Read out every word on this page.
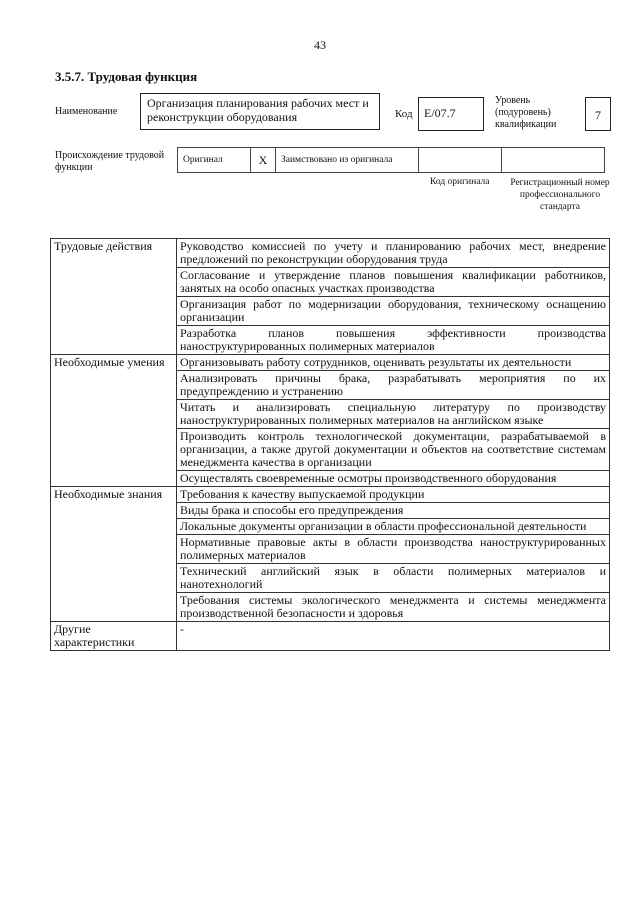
43
3.5.7. Трудовая функция
Наименование
Организация планирования рабочих мест и реконструкции оборудования	Код E/07.7
Уровень (подуровень) квалификации
7
Происхождение трудовой функции
Оригинал	X	Заимствовано из оригинала		
Код оригинала Регистрационный номер профессионального стандарта
Трудовые действия	Руководство комиссией по учету и планированию рабочих мест, внедрение предложений по реконструкции оборудования труда
	Согласование и утверждение планов повышения квалификации работников, занятых на особо опасных участках производства
	Организация работ по модернизации оборудования, техническому оснащению организации
	Разработка планов повышения эффективности производства наноструктурированных полимерных материалов
Необходимые умения	Организовывать работу сотрудников, оценивать результаты их деятельности
	Анализировать причины брака, разрабатывать мероприятия по их предупреждению и устранению
	Читать и анализировать специальную литературу по производству наноструктурированных полимерных материалов на английском языке
	Производить контроль технологической документации, разрабатываемой в организации, а также другой документации и объектов на соответствие системам менеджмента качества в организации
	Осуществлять своевременные осмотры производственного оборудования
Необходимые знания	Требования к качеству выпускаемой продукции
	Виды брака и способы его предупреждения
	Локальные документы организации в области профессиональной деятельности
	Нормативные правовые акты в области производства наноструктурированных полимерных материалов
	Технический английский язык в области полимерных материалов и нанотехнологий
	Требования системы экологического менеджмента и системы менеджмента производственной безопасности и здоровья
Другие характеристики	-
